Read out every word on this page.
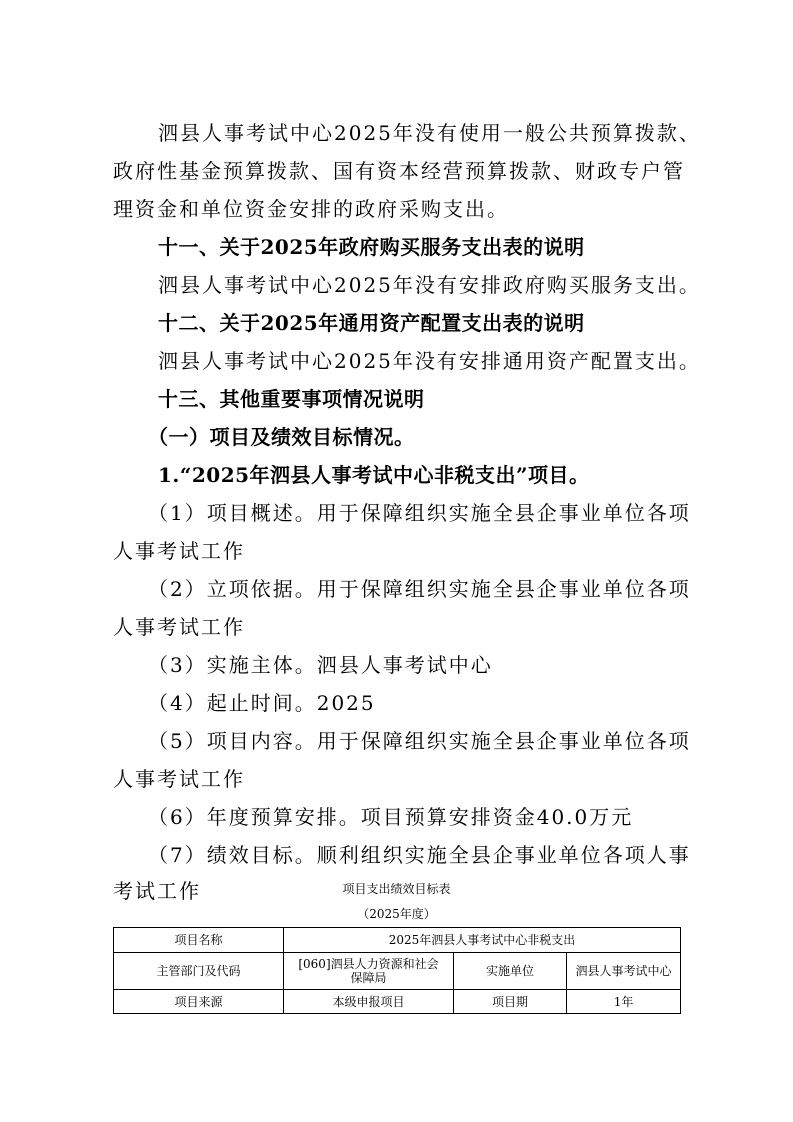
泗县人事考试中心2025年没有使用一般公共预算拨款、
政府性基金预算拨款、国有资本经营预算拨款、财政专户管
理资金和单位资金安排的政府采购支出。
十一、关于2025年政府购买服务支出表的说明
泗县人事考试中心2025年没有安排政府购买服务支出。
十二、关于2025年通用资产配置支出表的说明
泗县人事考试中心2025年没有安排通用资产配置支出。
十三、其他重要事项情况说明
（一）项目及绩效目标情况。
1.“2025年泗县人事考试中心非税支出”项目。
（1）项目概述。用于保障组织实施全县企事业单位各项
人事考试工作
（2）立项依据。用于保障组织实施全县企事业单位各项
人事考试工作
（3）实施主体。泗县人事考试中心
（4）起止时间。2025
（5）项目内容。用于保障组织实施全县企事业单位各项
人事考试工作
（6）年度预算安排。项目预算安排资金40.0万元
（7）绩效目标。顺利组织实施全县企事业单位各项人事
考试工作	项目支出绩效目标表
（2025年度）
项目名称	2025年泗县人事考试中心非税支出		
主管部门及代码	[060]泗县人力资源和社会保障局	实施单位	泗县人事考试中心
项目来源	本级申报项目	项目期	1年
